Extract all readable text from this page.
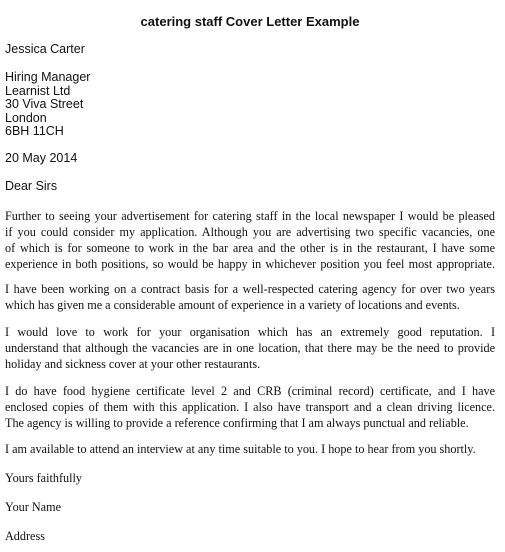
catering staff Cover Letter Example
Jessica Carter
Hiring Manager
Learnist Ltd
30 Viva Street
London
6BH 11CH
20 May 2014
Dear Sirs
Further to seeing your advertisement for catering staff in the local newspaper I would be pleased
if you could consider my application. Although you are advertising two specific vacancies, one
of which is for someone to work in the bar area and the other is in the restaurant, I have some
experience in both positions, so would be happy in whichever position you feel most appropriate.
I have been working on a contract basis for a well-respected catering agency for over two years
which has given me a considerable amount of experience in a variety of locations and events.
I would love to work for your organisation which has an extremely good reputation. I
understand that although the vacancies are in one location, that there may be the need to provide
holiday and sickness cover at your other restaurants.
I do have food hygiene certificate level 2 and CRB (criminal record) certificate, and I have
enclosed copies of them with this application. I also have transport and a clean driving licence.
The agency is willing to provide a reference confirming that I am always punctual and reliable.
I am available to attend an interview at any time suitable to you. I hope to hear from you shortly.
Yours faithfully
Your Name
Address
